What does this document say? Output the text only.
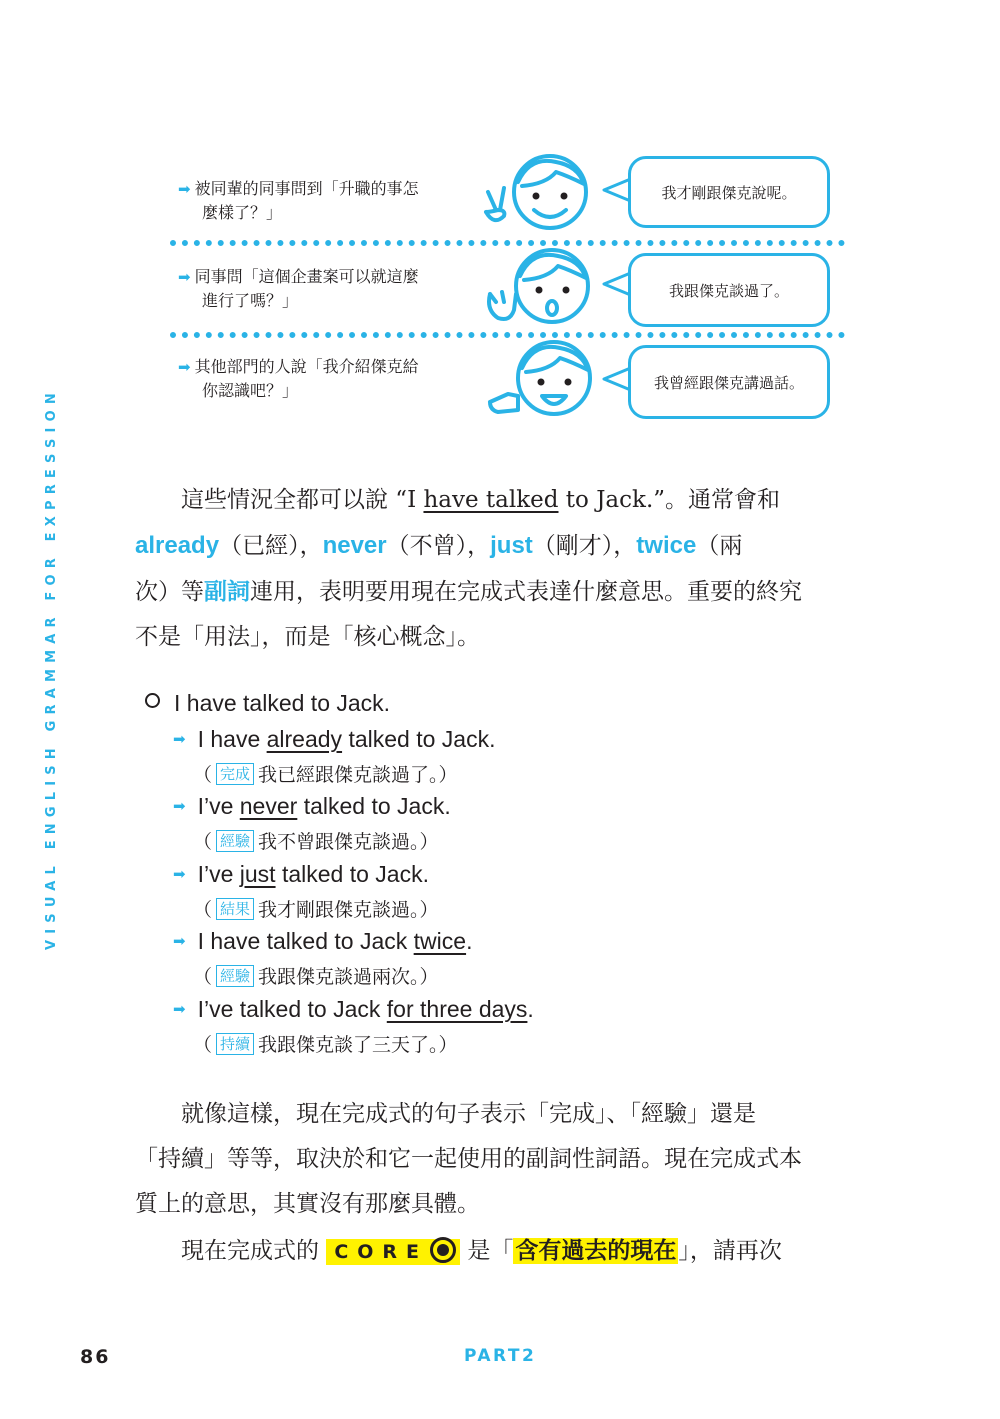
VISUAL ENGLISH GRAMMAR FOR EXPRESSION
➡ 被同輩的同事問到「升職的事怎
麼樣了？」
我才剛跟傑克說呢。
➡ 同事問「這個企畫案可以就這麼
進行了嗎？」
我跟傑克談過了。
➡ 其他部門的人說「我介紹傑克給
你認識吧？」	我曾經跟傑克講過話。

這些情況全都可以說 “I have talked to Jack.”。通常會和

already（已經），never（不曾），just（剛才），twice（兩

次）等副詞連用，表明要用現在完成式表達什麼意思。重要的終究

不是「用法」，而是「核心概念」。

I have talked to Jack.
➡ I have already talked to Jack.
（ 完成 我已經跟傑克談過了。）
➡ I’ve never talked to Jack.
（ 經驗 我不曾跟傑克談過。）
➡ I’ve just talked to Jack.
（ 結果 我才剛跟傑克談過。）
➡ I have talked to Jack twice.
（ 經驗 我跟傑克談過兩次。）
➡ I’ve talked to Jack for three days.
（ 持續 我跟傑克談了三天了。）

就像這樣，現在完成式的句子表示「完成」、「經驗」還是

「持續」等等，取決於和它一起使用的副詞性詞語。現在完成式本

質上的意思，其實沒有那麼具體。

現在完成式的 CORE 是「含有過去的現在」，請再次

86	PART2
